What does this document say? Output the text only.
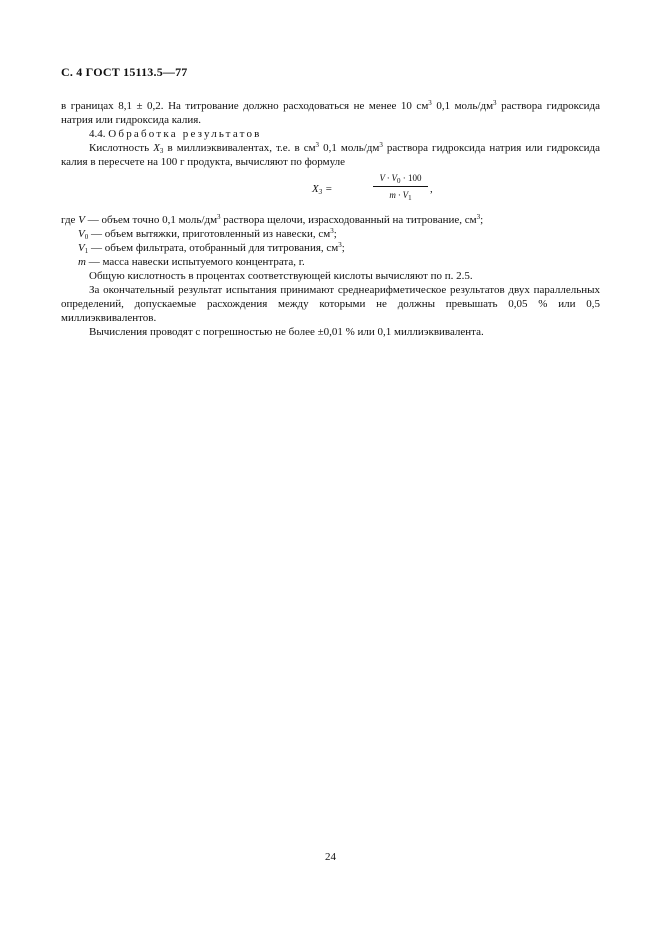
С. 4 ГОСТ 15113.5—77

в границах 8,1 ± 0,2. На титрование должно расходоваться не менее 10 $см^3$ 0,1 моль/$дм^3$ раствора гидроксида натрия или гидроксида калия.

4.4. Обработка результатов

Кислотность $X_3$ в миллиэквивалентах, т.е. в $см^3$ 0,1 моль/$дм^3$ раствора гидроксида натрия или гидроксида калия в пересчете на 100 г продукта, вычисляют по формуле

$X_3$ =
$V \cdot V_0 \cdot 100$
$m \cdot V_1$
,

где V — объем точно 0,1 моль/$дм^3$ раствора щелочи, израсходованный на титрование, $см^3$;

$V_0$ — объем вытяжки, приготовленный из навески, $см^3$;

$V_1$ — объем фильтрата, отобранный для титрования, $см^3$;

m — масса навески испытуемого концентрата, г.

Общую кислотность в процентах соответствующей кислоты вычисляют по п. 2.5.

За окончательный результат испытания принимают среднеарифметическое результатов двух параллельных определений, допускаемые расхождения между которыми не должны превышать 0,05 % или 0,5 миллиэквивалентов.

Вычисления проводят с погрешностью не более ±0,01 % или 0,1 миллиэквивалента.

24
